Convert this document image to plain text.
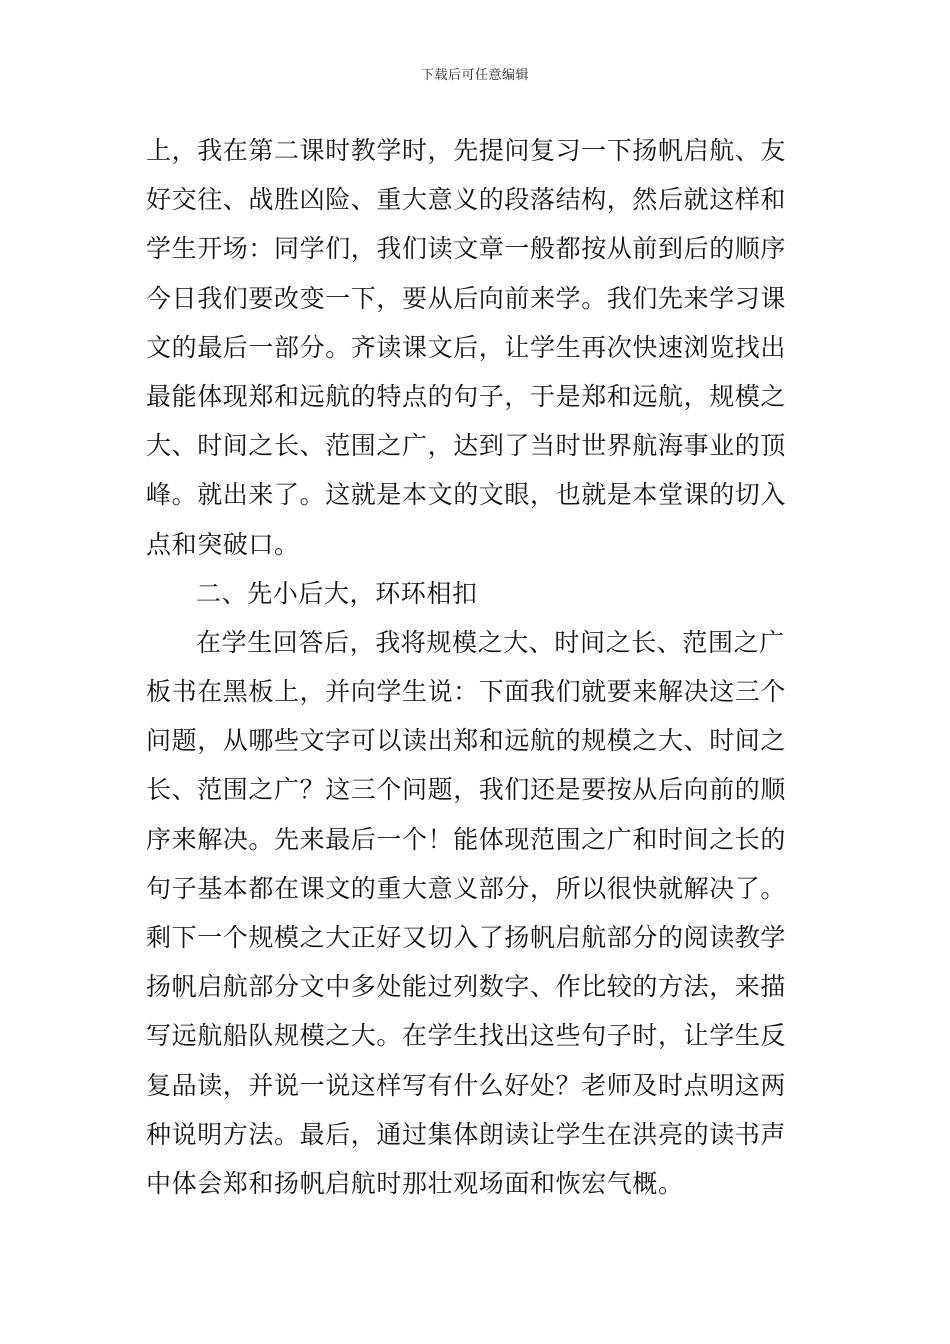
下载后可任意编辑
上，我在第二课时教学时，先提问复习一下扬帆启航、友
好交往、战胜凶险、重大意义的段落结构，然后就这样和
学生开场：同学们，我们读文章一般都按从前到后的顺序
今日我们要改变一下，要从后向前来学。我们先来学习课
文的最后一部分。齐读课文后，让学生再次快速浏览找出
最能体现郑和远航的特点的句子，于是郑和远航，规模之
大、时间之长、范围之广，达到了当时世界航海事业的顶
峰。就出来了。这就是本文的文眼，也就是本堂课的切入
点和突破口。
二、先小后大，环环相扣
在学生回答后，我将规模之大、时间之长、范围之广
板书在黑板上，并向学生说：下面我们就要来解决这三个
问题，从哪些文字可以读出郑和远航的规模之大、时间之
长、范围之广？这三个问题，我们还是要按从后向前的顺
序来解决。先来最后一个！能体现范围之广和时间之长的
句子基本都在课文的重大意义部分，所以很快就解决了。
剩下一个规模之大正好又切入了扬帆启航部分的阅读教学
扬帆启航部分文中多处能过列数字、作比较的方法，来描
写远航船队规模之大。在学生找出这些句子时，让学生反
复品读，并说一说这样写有什么好处？老师及时点明这两
种说明方法。最后，通过集体朗读让学生在洪亮的读书声
中体会郑和扬帆启航时那壮观场面和恢宏气概。
